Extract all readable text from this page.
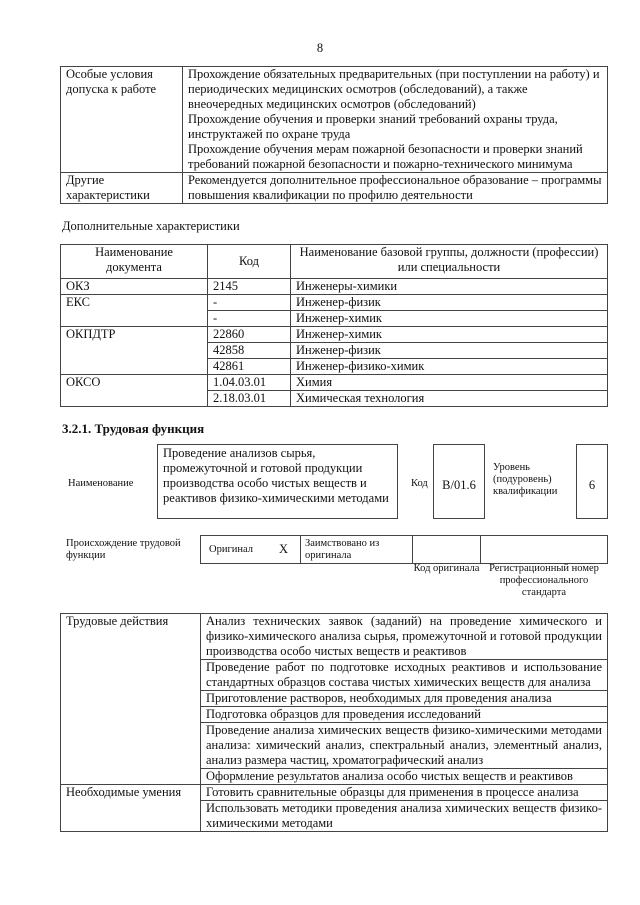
8
Особые условия допуска к работе	Прохождение обязательных предварительных (при поступлении на работу) и периодических медицинских осмотров (обследований), а также внеочередных медицинских осмотров (обследований)
Прохождение обучения и проверки знаний требований охраны труда, инструктажей по охране труда
Прохождение обучения мерам пожарной безопасности и проверки знаний требований пожарной безопасности и пожарно-технического минимума

Другие характеристики	Рекомендуется дополнительное профессиональное образование – программы повышения квалификации по профилю деятельности
Дополнительные характеристики
Наименование документа	Код	Наименование базовой группы, должности (профессии) или специальности
ОКЗ	2145	Инженеры-химики
ЕКС	-	Инженер-физик
	-	Инженер-химик
ОКПДТР	22860	Инженер-химик
	42858	Инженер-физик
	42861	Инженер-физико-химик
ОКСО	1.04.03.01	Химия
	2.18.03.01	Химическая технология
3.2.1. Трудовая функция
Наименование
Проведение анализов сырья, промежуточной и готовой продукции производства особо чистых веществ и реактивов физико-химическими методами
Код	B/01.6
Уровень (подуровень) квалификации	6
Происхождение трудовой функции
Оригинал X	Заимствовано из оригинала
Код оригинала Регистрационный номер профессионального стандарта
Трудовые действия	Анализ технических заявок (заданий) на проведение химического и физико-химического анализа сырья, промежуточной и готовой продукции производства особо чистых веществ и реактивов
	Проведение работ по подготовке исходных реактивов и использование стандартных образцов состава чистых химических веществ для анализа
	Приготовление растворов, необходимых для проведения анализа
	Подготовка образцов для проведения исследований
	Проведение анализа химических веществ физико-химическими методами анализа: химический анализ, спектральный анализ, элементный анализ, анализ размера частиц, хроматографический анализ
	Оформление результатов анализа особо чистых веществ и реактивов
Необходимые умения	Готовить сравнительные образцы для применения в процессе анализа
	Использовать методики проведения анализа химических веществ физико-химическими методами
